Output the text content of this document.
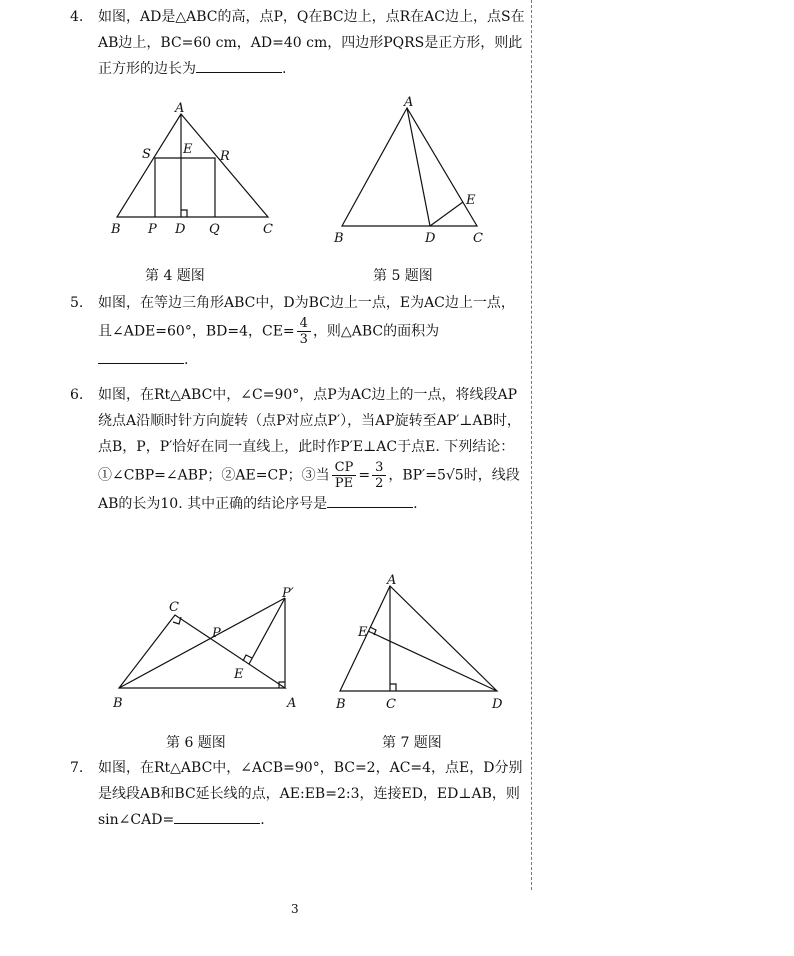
4. 如图，AD是△ABC的高，点P，Q在BC边上，点R在AC边上，点S在AB边上，BC=60 cm，AD=40 cm，四边形PQRS是正方形，则此正方形的边长为	.
A
S E R
B P D Q	C
A
E
B	D	C
第 4 题图	第 5 题图
5. 如图，在等边三角形ABC中，D为BC边上一点，E为AC边上一点，且∠ADE=60°，BD=4，$CE= \frac{4}{3}$ ，则△ABC的面积为.
6. 如图，在Rt△ABC中，∠C=90°，点P为AC边上的一点，将线段AP绕点A沿顺时针方向旋转（点P对应点P′），当AP旋转至AP′⊥AB时，点B，P，P′恰好在同一直线上，此时作P′E⊥AC于点E. 下列结论：①∠CBP=∠ABP；②AE=CP；③当 $\frac{CP}{PE} = \frac{3}{2}$ ，BP′=5√5时，线段AB的长为10. 其中正确的结论序号是	.
C
P′
P
E
B	A
A
E
B	C	D
第 6 题图	第 7 题图
7. 如图，在Rt△ABC中，∠ACB=90°，BC=2，AC=4，点E，D分别是线段AB和BC延长线的点，AE:EB=2:3，连接ED，ED⊥AB，则sin∠CAD=	.
3
